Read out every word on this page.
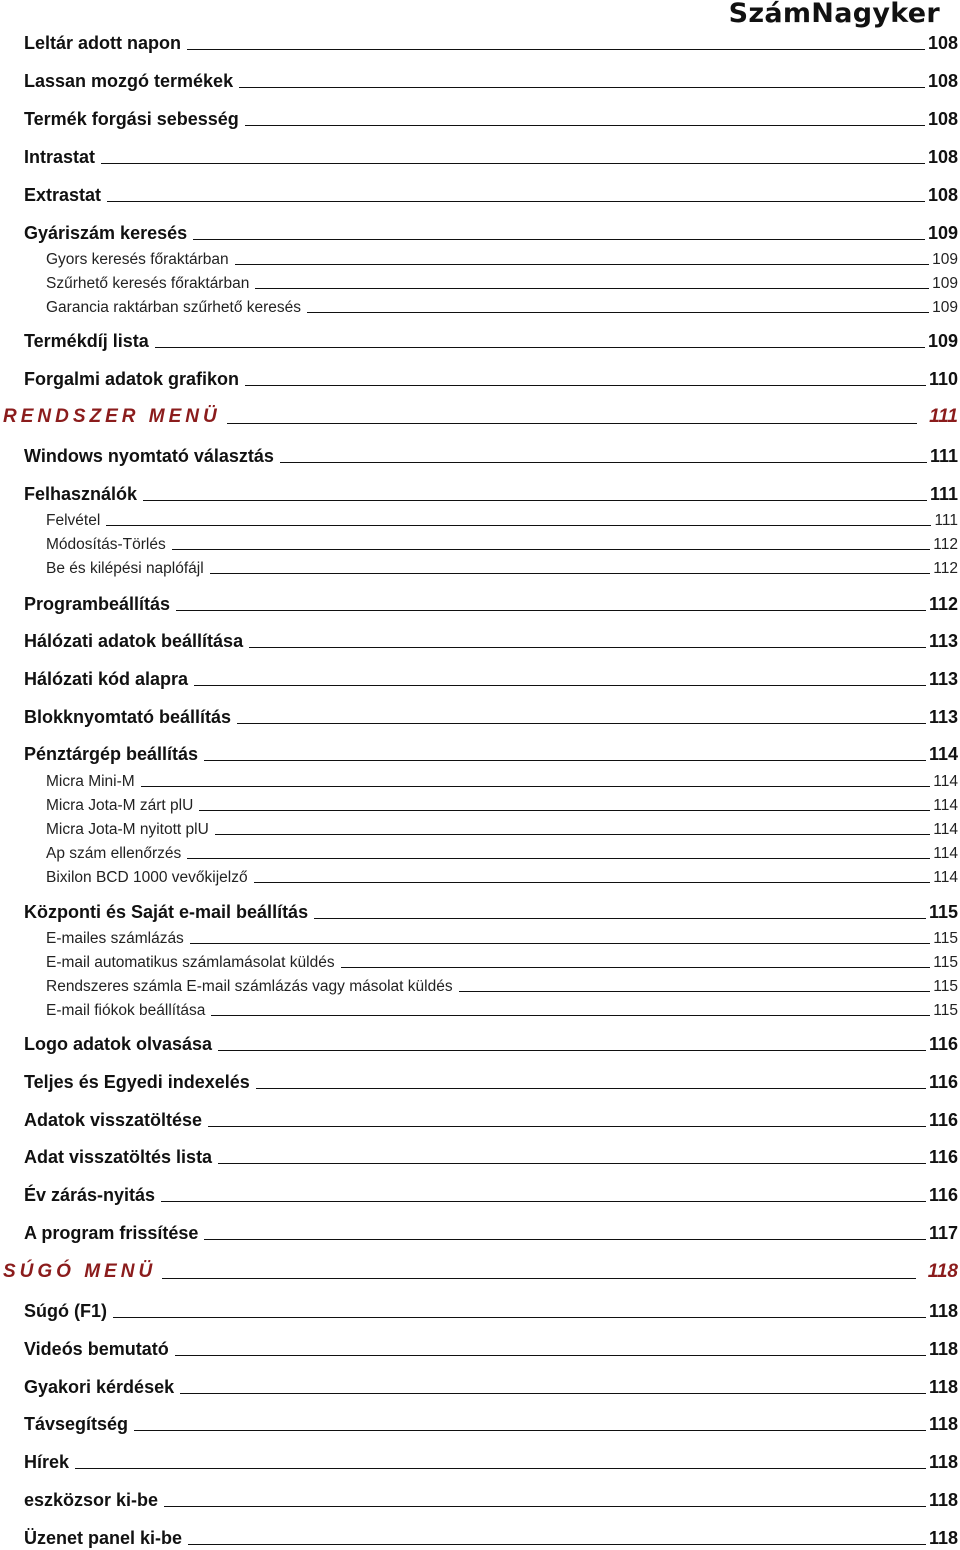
SzámNagyker
Leltár adott napon	108
Lassan mozgó termékek	108
Termék forgási sebesség	108
Intrastat	108
Extrastat	108
Gyáriszám keresés	109
Gyors keresés főraktárban	109
Szűrhető keresés főraktárban	109
Garancia raktárban szűrhető keresés	109
Termékdíj lista	109
Forgalmi adatok grafikon	110
RENDSZER MENÜ	111
Windows nyomtató választás	111
Felhasználók	111
Felvétel	111
Módosítás-Törlés	112
Be és kilépési naplófájl	112
Programbeállítás	112
Hálózati adatok beállítása	113
Hálózati kód alapra	113
Blokknyomtató beállítás	113
Pénztárgép beállítás	114
Micra Mini-M	114
Micra Jota-M zárt plU	114
Micra Jota-M nyitott plU	114
Ap szám ellenőrzés	114
Bixilon BCD 1000 vevőkijelző	114
Központi és Saját e-mail beállítás	115
E-mailes számlázás	115
E-mail automatikus számlamásolat küldés	115
Rendszeres számla E-mail számlázás vagy másolat küldés	115
E-mail fiókok beállítása	115
Logo adatok olvasása	116
Teljes és Egyedi indexelés	116
Adatok visszatöltése	116
Adat visszatöltés lista	116
Év zárás-nyitás	116
A program frissítése	117
SÚGÓ MENÜ	118
Súgó (F1)	118
Videós bemutató	118
Gyakori kérdések	118
Távsegítség	118
Hírek	118
eszközsor ki-be	118
Üzenet panel ki-be	118
